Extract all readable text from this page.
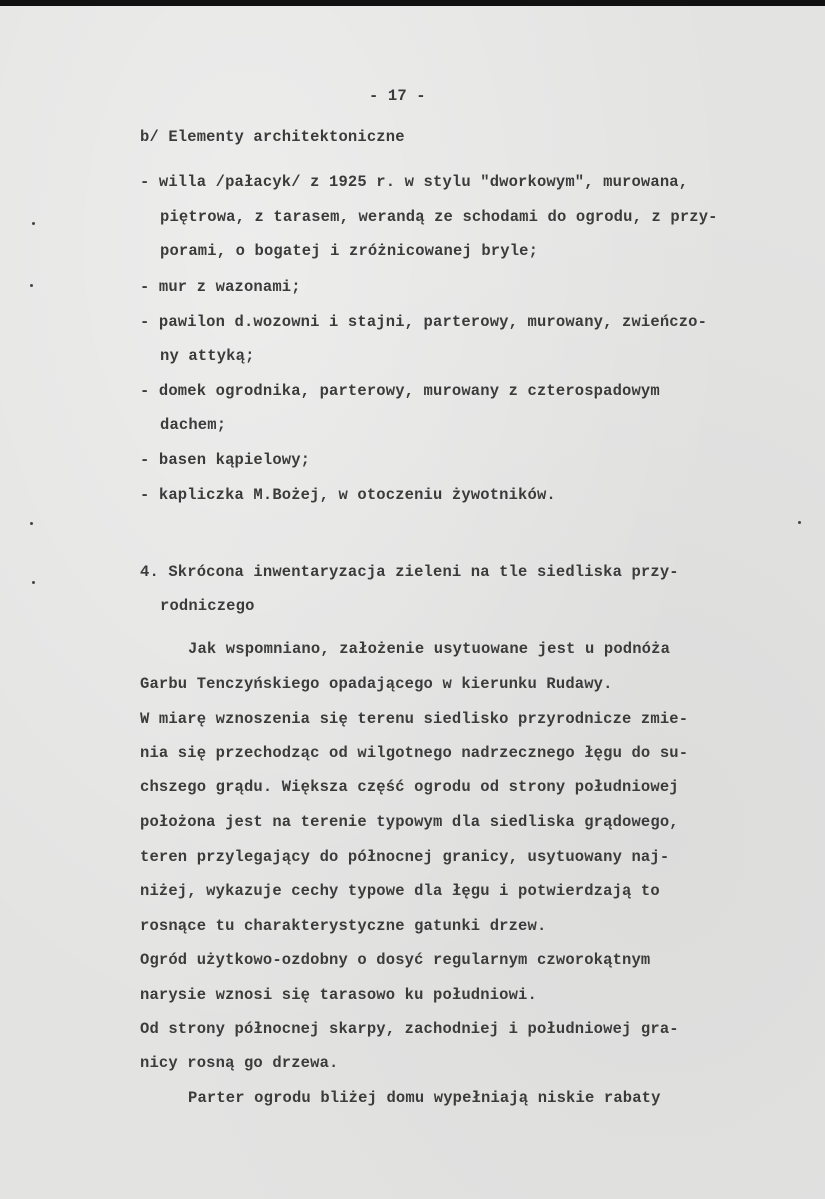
- 17 -
b/ Elementy architektoniczne
- willa /pałacyk/ z 1925 r. w stylu "dworkowym", murowana,
piętrowa, z tarasem, werandą ze schodami do ogrodu, z przy-
porami, o bogatej i zróżnicowanej bryle;
- mur z wazonami;
- pawilon d.wozowni i stajni, parterowy, murowany, zwieńczo-
ny attyką;
- domek ogrodnika, parterowy, murowany z czterospadowym
dachem;
- basen kąpielowy;
- kapliczka M.Bożej, w otoczeniu żywotników.
4. Skrócona inwentaryzacja zieleni na tle siedliska przy-
rodniczego
Jak wspomniano, założenie usytuowane jest u podnóża
Garbu Tenczyńskiego opadającego w kierunku Rudawy.
W miarę wznoszenia się terenu siedlisko przyrodnicze zmie-
nia się przechodząc od wilgotnego nadrzecznego łęgu do su-
chszego grądu. Większa część ogrodu od strony południowej
położona jest na terenie typowym dla siedliska grądowego,
teren przylegający do północnej granicy, usytuowany naj-
niżej, wykazuje cechy typowe dla łęgu i potwierdzają to
rosnące tu charakterystyczne gatunki drzew.
Ogród użytkowo-ozdobny o dosyć regularnym czworokątnym
narysie wznosi się tarasowo ku południowi.
Od strony północnej skarpy, zachodniej i południowej gra-
nicy rosną go drzewa.
Parter ogrodu bliżej domu wypełniają niskie rabaty
